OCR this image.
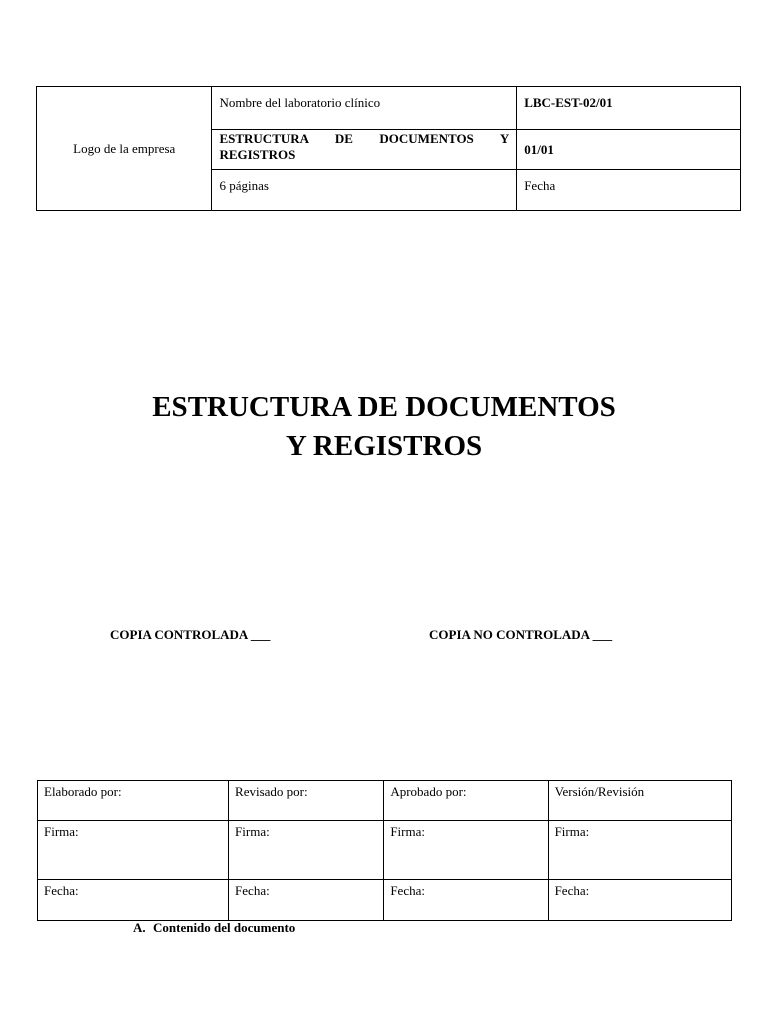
Logo de la empresa	Nombre del laboratorio clínico	LBC-EST-02/01

	ESTRUCTURA DE DOCUMENTOS Y REGISTROS	01/01
	6 páginas	Fecha
ESTRUCTURA DE DOCUMENTOS
Y REGISTROS
COPIA CONTROLADA ___	COPIA NO CONTROLADA ___
Elaborado por:	Revisado por:	Aprobado por:	Versión/Revisión
Firma:	Firma:	Firma:	Firma:
Fecha:	Fecha:	Fecha:	Fecha:
A. Contenido del documento
